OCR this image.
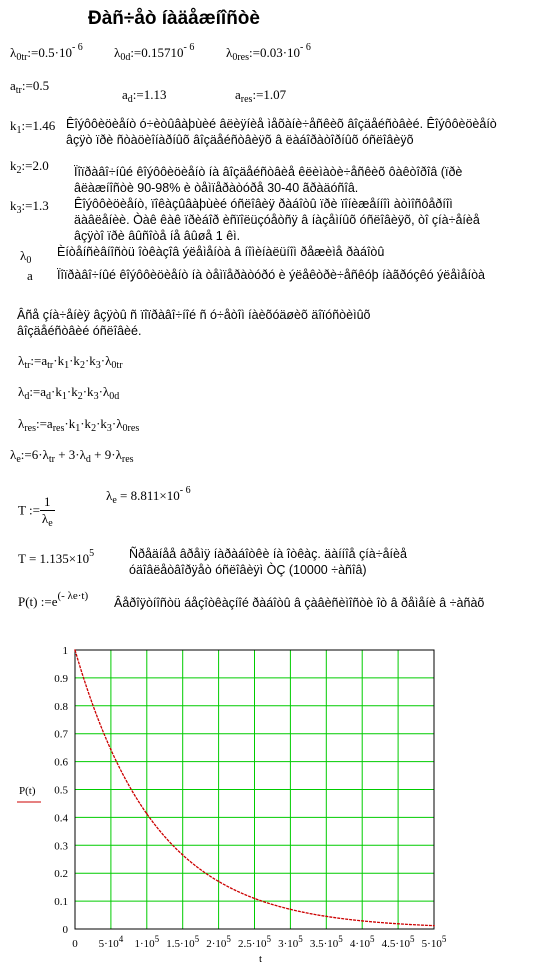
Ðàñ÷åò íàäåæíîñòè
$\lambda_{0tr}:=0.5\cdot 10^{- 6}$ $\lambda_{0d}:=0.15710^{- 6}$ $\lambda_{0res}:=0.03\cdot 10^{- 6}$
$a_{tr}:=0.5$
$a_d:=1.13$	$a_{res}:=1.07$
$k_1:=1.46$ Êîýôôèöèåíò ó÷èòûâàþùèé âëèÿíèå ìåõàíè÷åñêèõ âîçäåéñòâèé. Êîýôôèöèåíò
âçÿò ïðè ñòàöèîíàðíûõ âîçäåéñòâèÿõ â ëàáîðàòîðíûõ óñëîâèÿõ
$k_2:=2.0$ Ïîïðàâî÷íûé êîýôôèöèåíò íà âîçäåéñòâèå êëèìàòè÷åñêèõ ôàêòîðîâ (ïðè
âëàæíîñòè 90-98% è òåìïåðàòóðå 30-40 ãðàäóñîâ.
$k_3:=1.3$ Êîýôôèöèåíò, ïîêàçûâàþùèé óñëîâèÿ ðàáîòû ïðè ïîíèæåííîì àòìîñôåðíîì
äàâëåíèè. Òàê êàê ïðèáîð èñïîëüçóåòñÿ â íàçåìíûõ óñëîâèÿõ, òî çíà÷åíèå
âçÿòî ïðè âûñîòå íå âûøå 1 êì.
$\lambda_0$
Èíòåíñèâíîñòü îòêàçîâ ýëåìåíòà â íîìèíàëüíîì ðåæèìå ðàáîòû
a Ïîïðàâî÷íûé êîýôôèöèåíò íà òåìïåðàòóðó è ýëåêòðè÷åñêóþ íàãðóçêó ýëåìåíòà
Âñå çíà÷åíèÿ âçÿòû ñ ïîïðàâî÷íîé ñ ó÷åòîì íàèõóäøèõ äîïóñòèìûõ
âîçäåéñòâèé óñëîâèé.
$\lambda_{tr}:=a_{tr}\cdot k_1\cdot k_2\cdot k_3\cdot\lambda_{0tr}$
$\lambda_d:=a_d\cdot k_1\cdot k_2\cdot k_3\cdot\lambda_{0d}$
$\lambda_{res}:=a_{res}\cdot k_1\cdot k_2\cdot k_3\cdot\lambda_{0res}$
$\lambda_e:=6\cdot\lambda_{tr} + 3\cdot\lambda_d + 9\cdot\lambda_{res}$
T := $\frac{1}{\lambda_e}$	$\lambda_e = 8.811\times 10^{- 6}$
$T = 1.135\times 10^5$	Ñðåäíåå âðåìÿ íàðàáîòêè íà îòêàç. äàííîå çíà÷åíèå
óäîâëåòâîðÿåò óñëîâèÿì ÒÇ (10000 ÷àñîâ)
P(t) $:=e^{(- \lambda e\cdot t)}$ Âåðîÿòíîñòü áåçîòêàçíîé ðàáîòû â çàâèñèìîñòè îò â ðåìåíè â ÷àñàõ
0
0.1
0.2
0.3
0.4
0.5
0.6
0.7
0.8
0.9
1
0 $5\cdot 10^4$ $1\cdot 10^5$ $1.5\cdot 10^5$ $2\cdot 10^5$ $2.5\cdot 10^5$ $3\cdot 10^5$ $3.5\cdot 10^5$ $4\cdot 10^5$ $4.5\cdot 10^5$ $5\cdot 10^5$
P(t)
t
